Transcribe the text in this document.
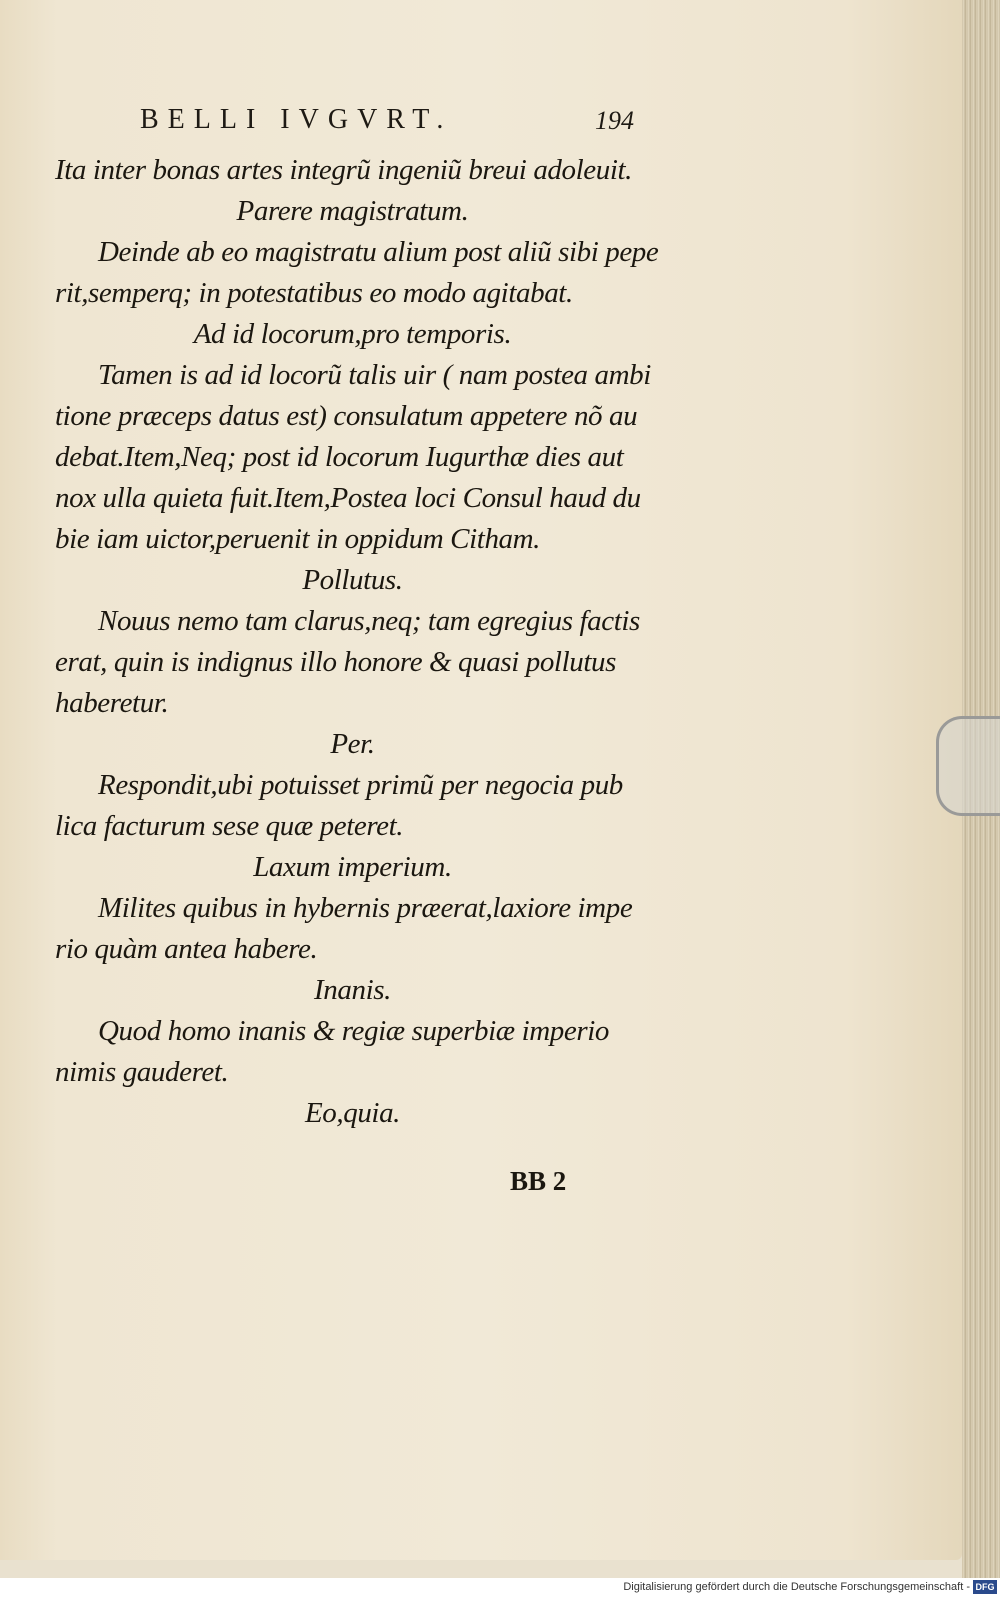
BELLI IVGVRT.	194
Ita inter bonas artes integrũ ingeniũ breui adoleuit.
Parere magistratum.
Deinde ab eo magistratu alium post aliũ sibi pepe
rit,semperq; in potestatibus eo modo agitabat.
Ad id locorum,pro temporis.
Tamen is ad id locorũ talis uir ( nam postea ambi
tione præceps datus est) consulatum appetere nõ au
debat.Item,Neq; post id locorum Iugurthæ dies aut
nox ulla quieta fuit.Item,Postea loci Consul haud du
bie iam uictor,peruenit in oppidum Citham.
Pollutus.
Nouus nemo tam clarus,neq; tam egregius factis
erat, quin is indignus illo honore & quasi pollutus
haberetur.
Per.
Respondit,ubi potuisset primũ per negocia pub
lica facturum sese quæ peteret.
Laxum imperium.
Milites quibus in hybernis præerat,laxiore impe
rio quàm antea habere.
Inanis.
Quod homo inanis & regiæ superbiæ imperio
nimis gauderet.
Eo,quia.
BB 2
Digitalisierung gefördert durch die Deutsche Forschungsgemeinschaft - DFG
